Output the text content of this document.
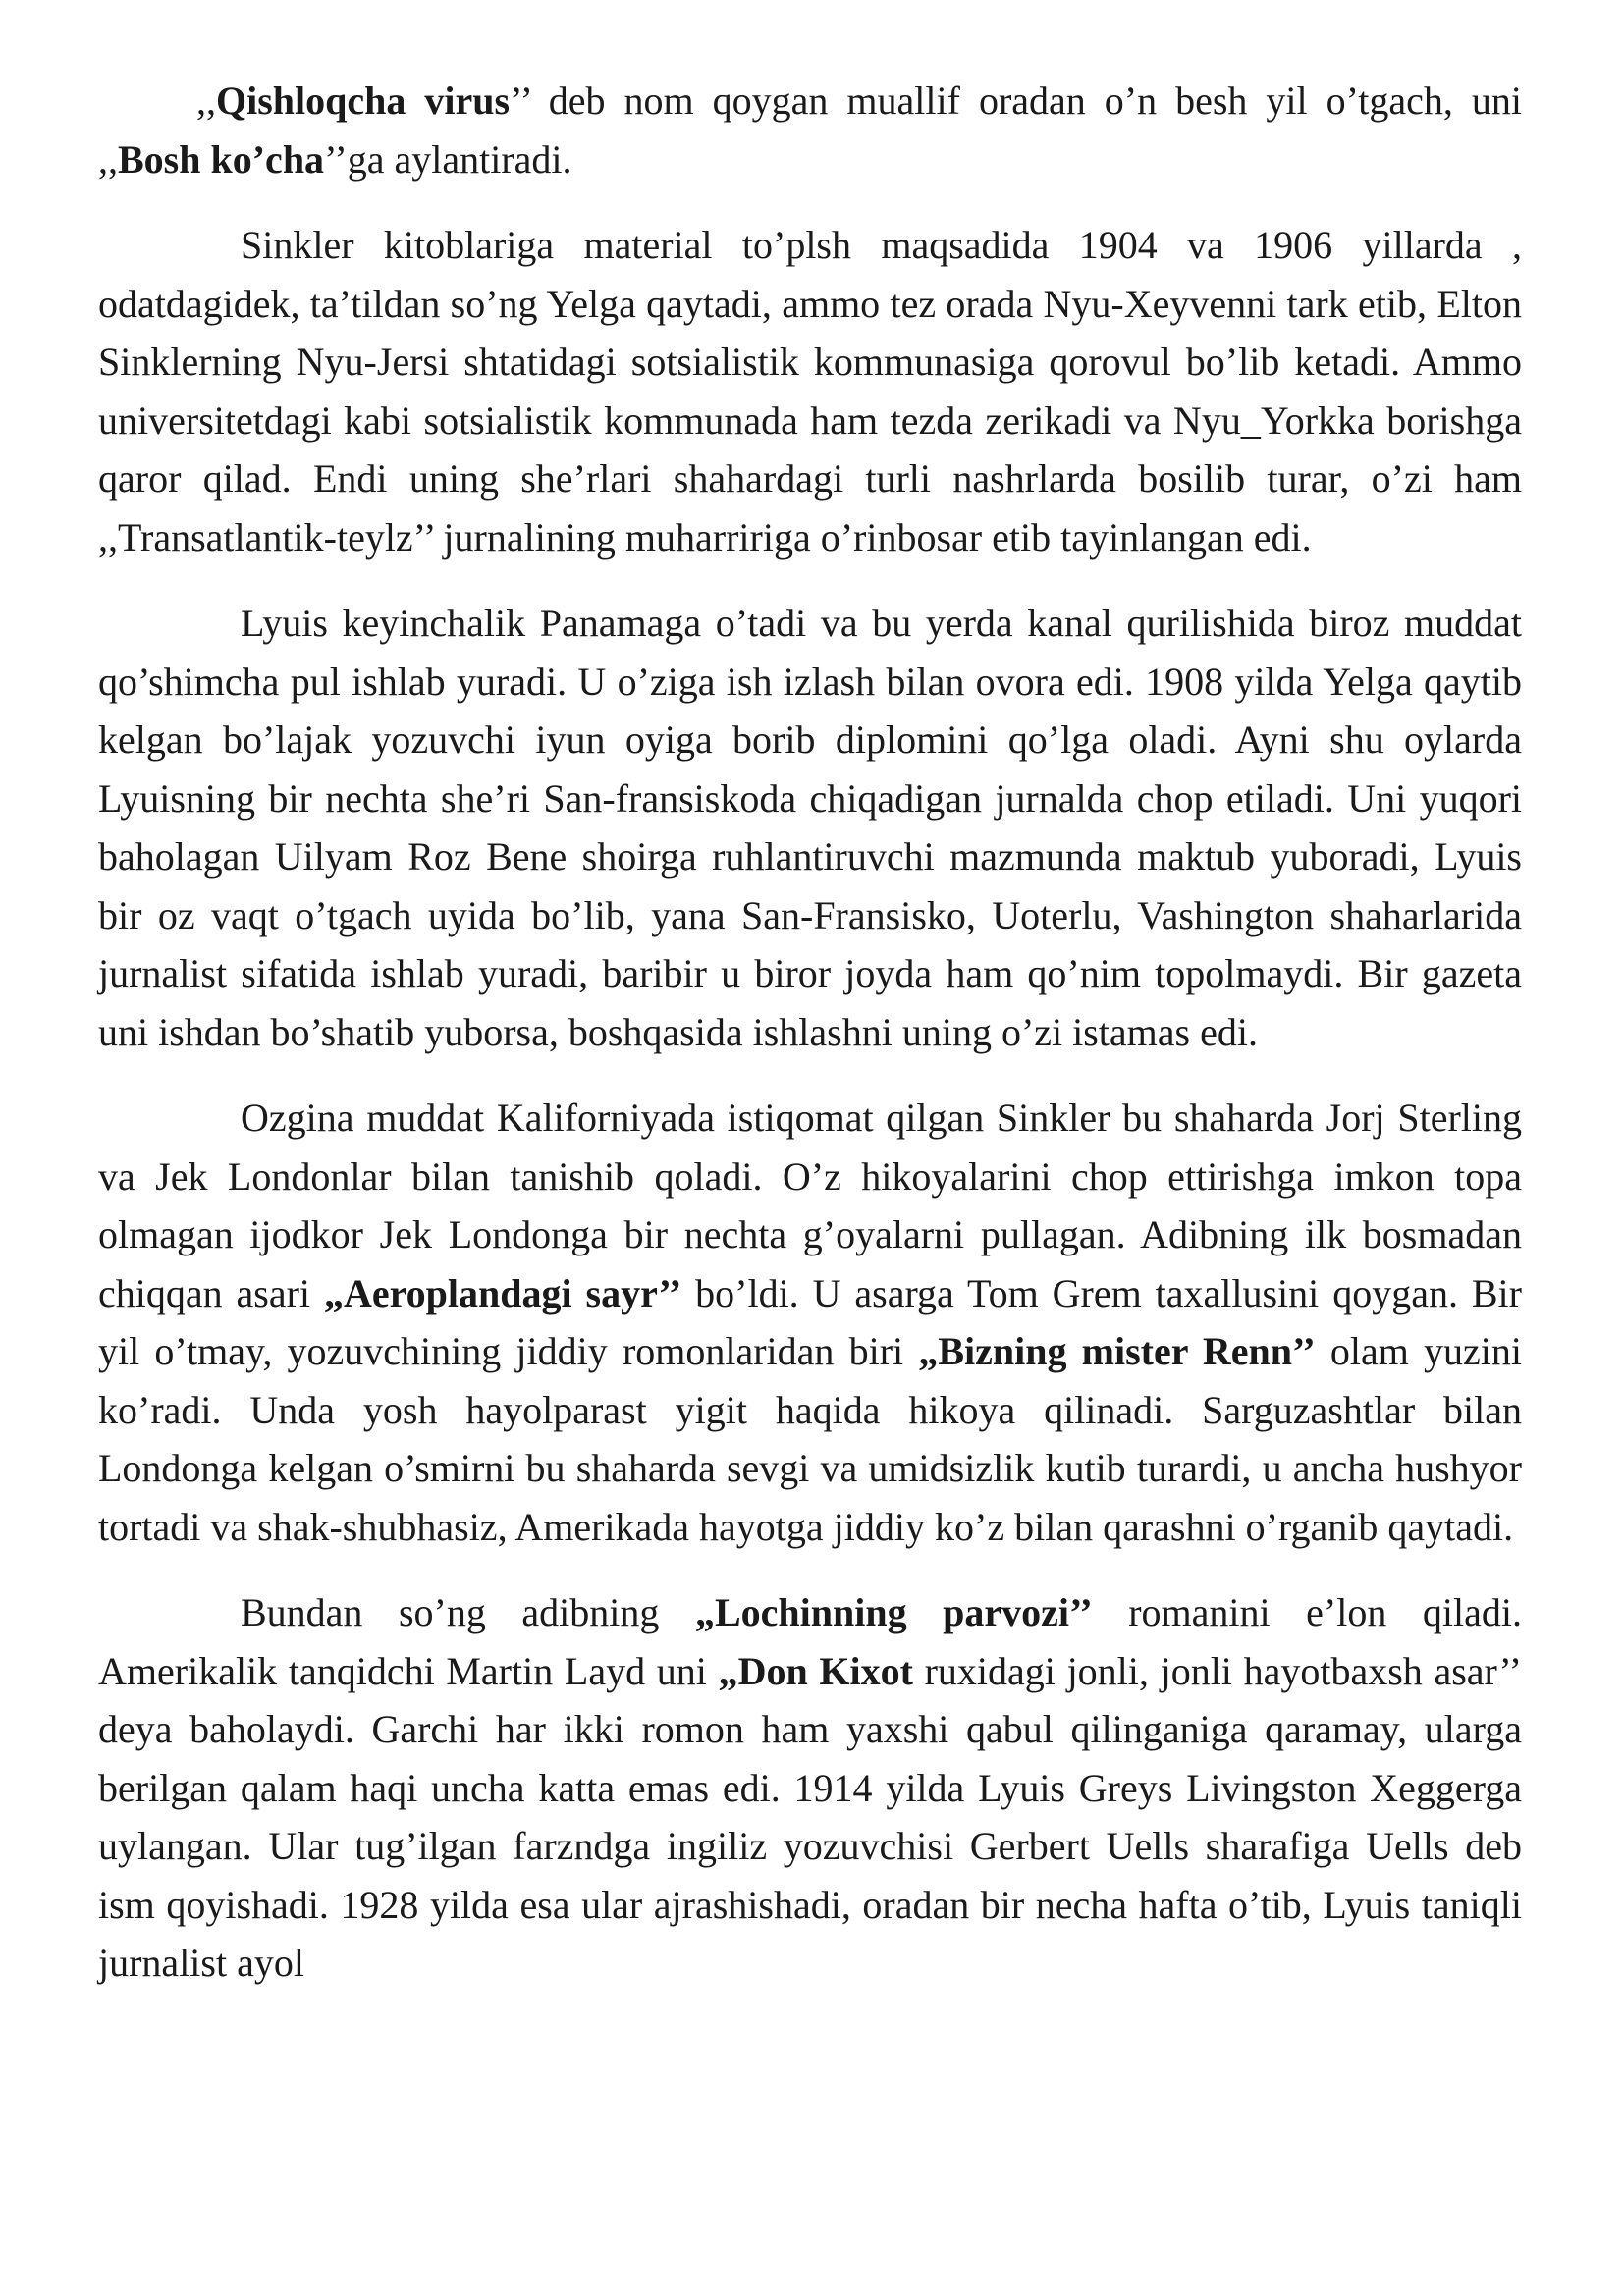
,,Qishloqcha virus’’ deb nom qoygan muallif oradan o’n besh yil o’tgach, uni ,,Bosh ko’cha’’ga aylantiradi.

Sinkler kitoblariga material to’plsh maqsadida 1904 va 1906 yillarda , odatdagidek, ta’tildan so’ng Yelga qaytadi, ammo tez orada Nyu-Xeyvenni tark etib, Elton Sinklerning Nyu-Jersi shtatidagi sotsialistik kommunasiga qorovul bo’lib ketadi. Ammo universitetdagi kabi sotsialistik kommunada ham tezda zerikadi va Nyu_Yorkka borishga qaror qilad. Endi uning she’rlari shahardagi turli nashrlarda bosilib turar, o’zi ham ,,Transatlantik-teylz’’ jurnalining muharririga o’rinbosar etib tayinlangan edi.

Lyuis keyinchalik Panamaga o’tadi va bu yerda kanal qurilishida biroz muddat qo’shimcha pul ishlab yuradi. U o’ziga ish izlash bilan ovora edi. 1908 yilda Yelga qaytib kelgan bo’lajak yozuvchi iyun oyiga borib diplomini qo’lga oladi. Ayni shu oylarda Lyuisning bir nechta she’ri San-fransiskoda chiqadigan jurnalda chop etiladi. Uni yuqori baholagan Uilyam Roz Bene shoirga ruhlantiruvchi mazmunda maktub yuboradi, Lyuis bir oz vaqt o’tgach uyida bo’lib, yana San-Fransisko, Uoterlu, Vashington shaharlarida jurnalist sifatida ishlab yuradi, baribir u biror joyda ham qo’nim topolmaydi. Bir gazeta uni ishdan bo’shatib yuborsa, boshqasida ishlashni uning o’zi istamas edi.

Ozgina muddat Kaliforniyada istiqomat qilgan Sinkler bu shaharda Jorj Sterling va Jek Londonlar bilan tanishib qoladi. O’z hikoyalarini chop ettirishga imkon topa olmagan ijodkor Jek Londonga bir nechta g’oyalarni pullagan. Adibning ilk bosmadan chiqqan asari „Aeroplandagi sayr’’ bo’ldi. U asarga Tom Grem taxallusini qoygan. Bir yil o’tmay, yozuvchining jiddiy romonlaridan biri „Bizning mister Renn’’ olam yuzini ko’radi. Unda yosh hayolparast yigit haqida hikoya qilinadi. Sarguzashtlar bilan Londonga kelgan o’smirni bu shaharda sevgi va umidsizlik kutib turardi, u ancha hushyor tortadi va shak-shubhasiz, Amerikada hayotga jiddiy ko’z bilan qarashni o’rganib qaytadi.

Bundan so’ng adibning „Lochinning parvozi’’ romanini e’lon qiladi. Amerikalik tanqidchi Martin Layd uni „Don Kixot ruxidagi jonli, jonli hayotbaxsh asar’’ deya baholaydi. Garchi har ikki romon ham yaxshi qabul qilinganiga qaramay, ularga berilgan qalam haqi uncha katta emas edi. 1914 yilda Lyuis Greys Livingston Xeggerga uylangan. Ular tug’ilgan farzndga ingiliz yozuvchisi Gerbert Uells sharafiga Uells deb ism qoyishadi. 1928 yilda esa ular ajrashishadi, oradan bir necha hafta o’tib, Lyuis taniqli jurnalist ayol
